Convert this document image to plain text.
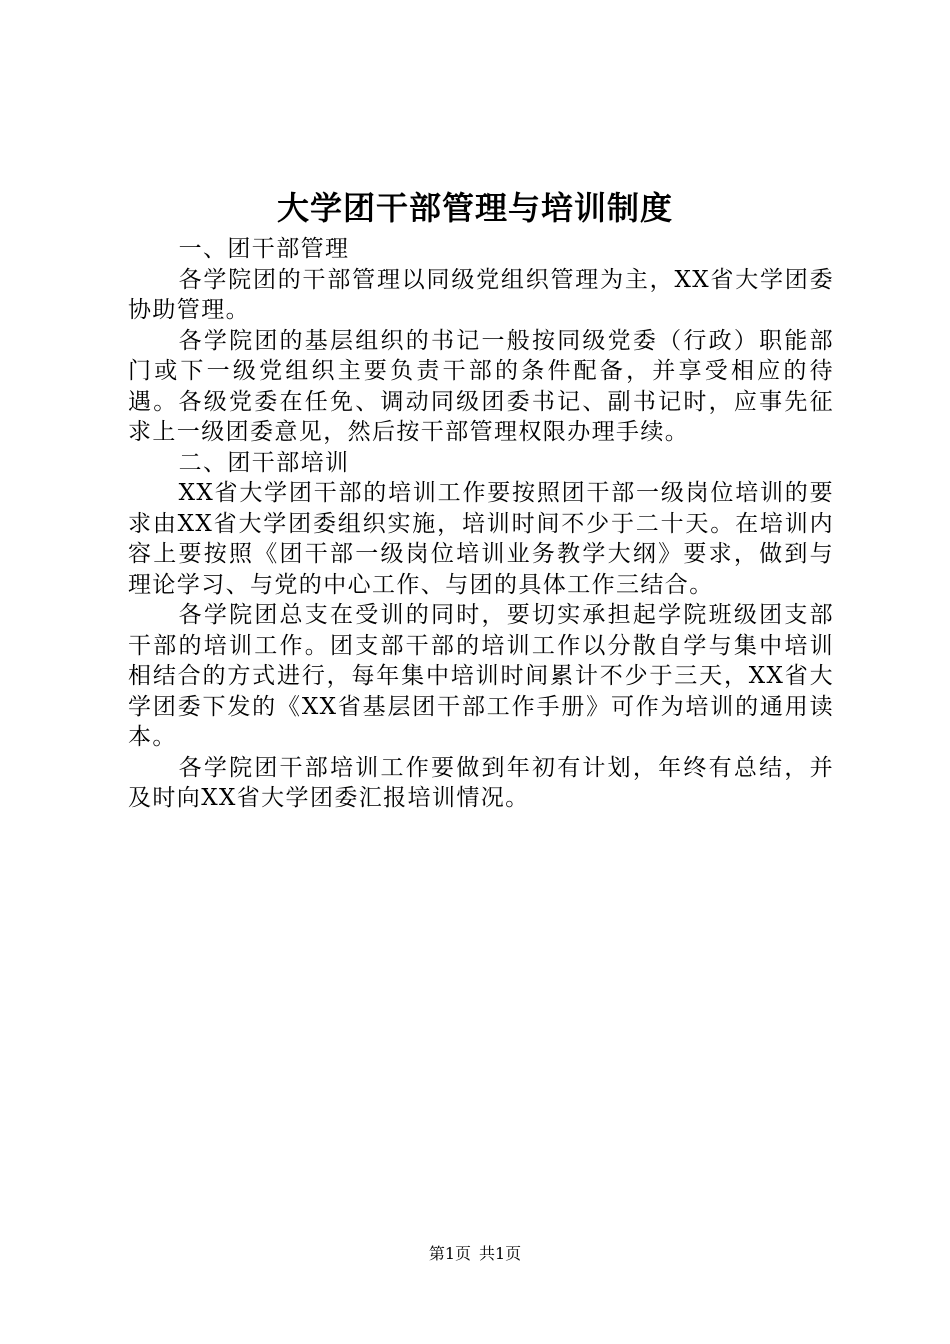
大学团干部管理与培训制度

一、团干部管理

各学院团的干部管理以同级党组织管理为主，XX省大学团委协助管理。

各学院团的基层组织的书记一般按同级党委（行政）职能部门或下一级党组织主要负责干部的条件配备，并享受相应的待遇。各级党委在任免、调动同级团委书记、副书记时，应事先征求上一级团委意见，然后按干部管理权限办理手续。

二、团干部培训

XX省大学团干部的培训工作要按照团干部一级岗位培训的要求由XX省大学团委组织实施，培训时间不少于二十天。在培训内容上要按照《团干部一级岗位培训业务教学大纲》要求，做到与理论学习、与党的中心工作、与团的具体工作三结合。

各学院团总支在受训的同时，要切实承担起学院班级团支部干部的培训工作。团支部干部的培训工作以分散自学与集中培训相结合的方式进行，每年集中培训时间累计不少于三天，XX省大学团委下发的《XX省基层团干部工作手册》可作为培训的通用读本。

各学院团干部培训工作要做到年初有计划，年终有总结，并及时向XX省大学团委汇报培训情况。

第1页 共1页
